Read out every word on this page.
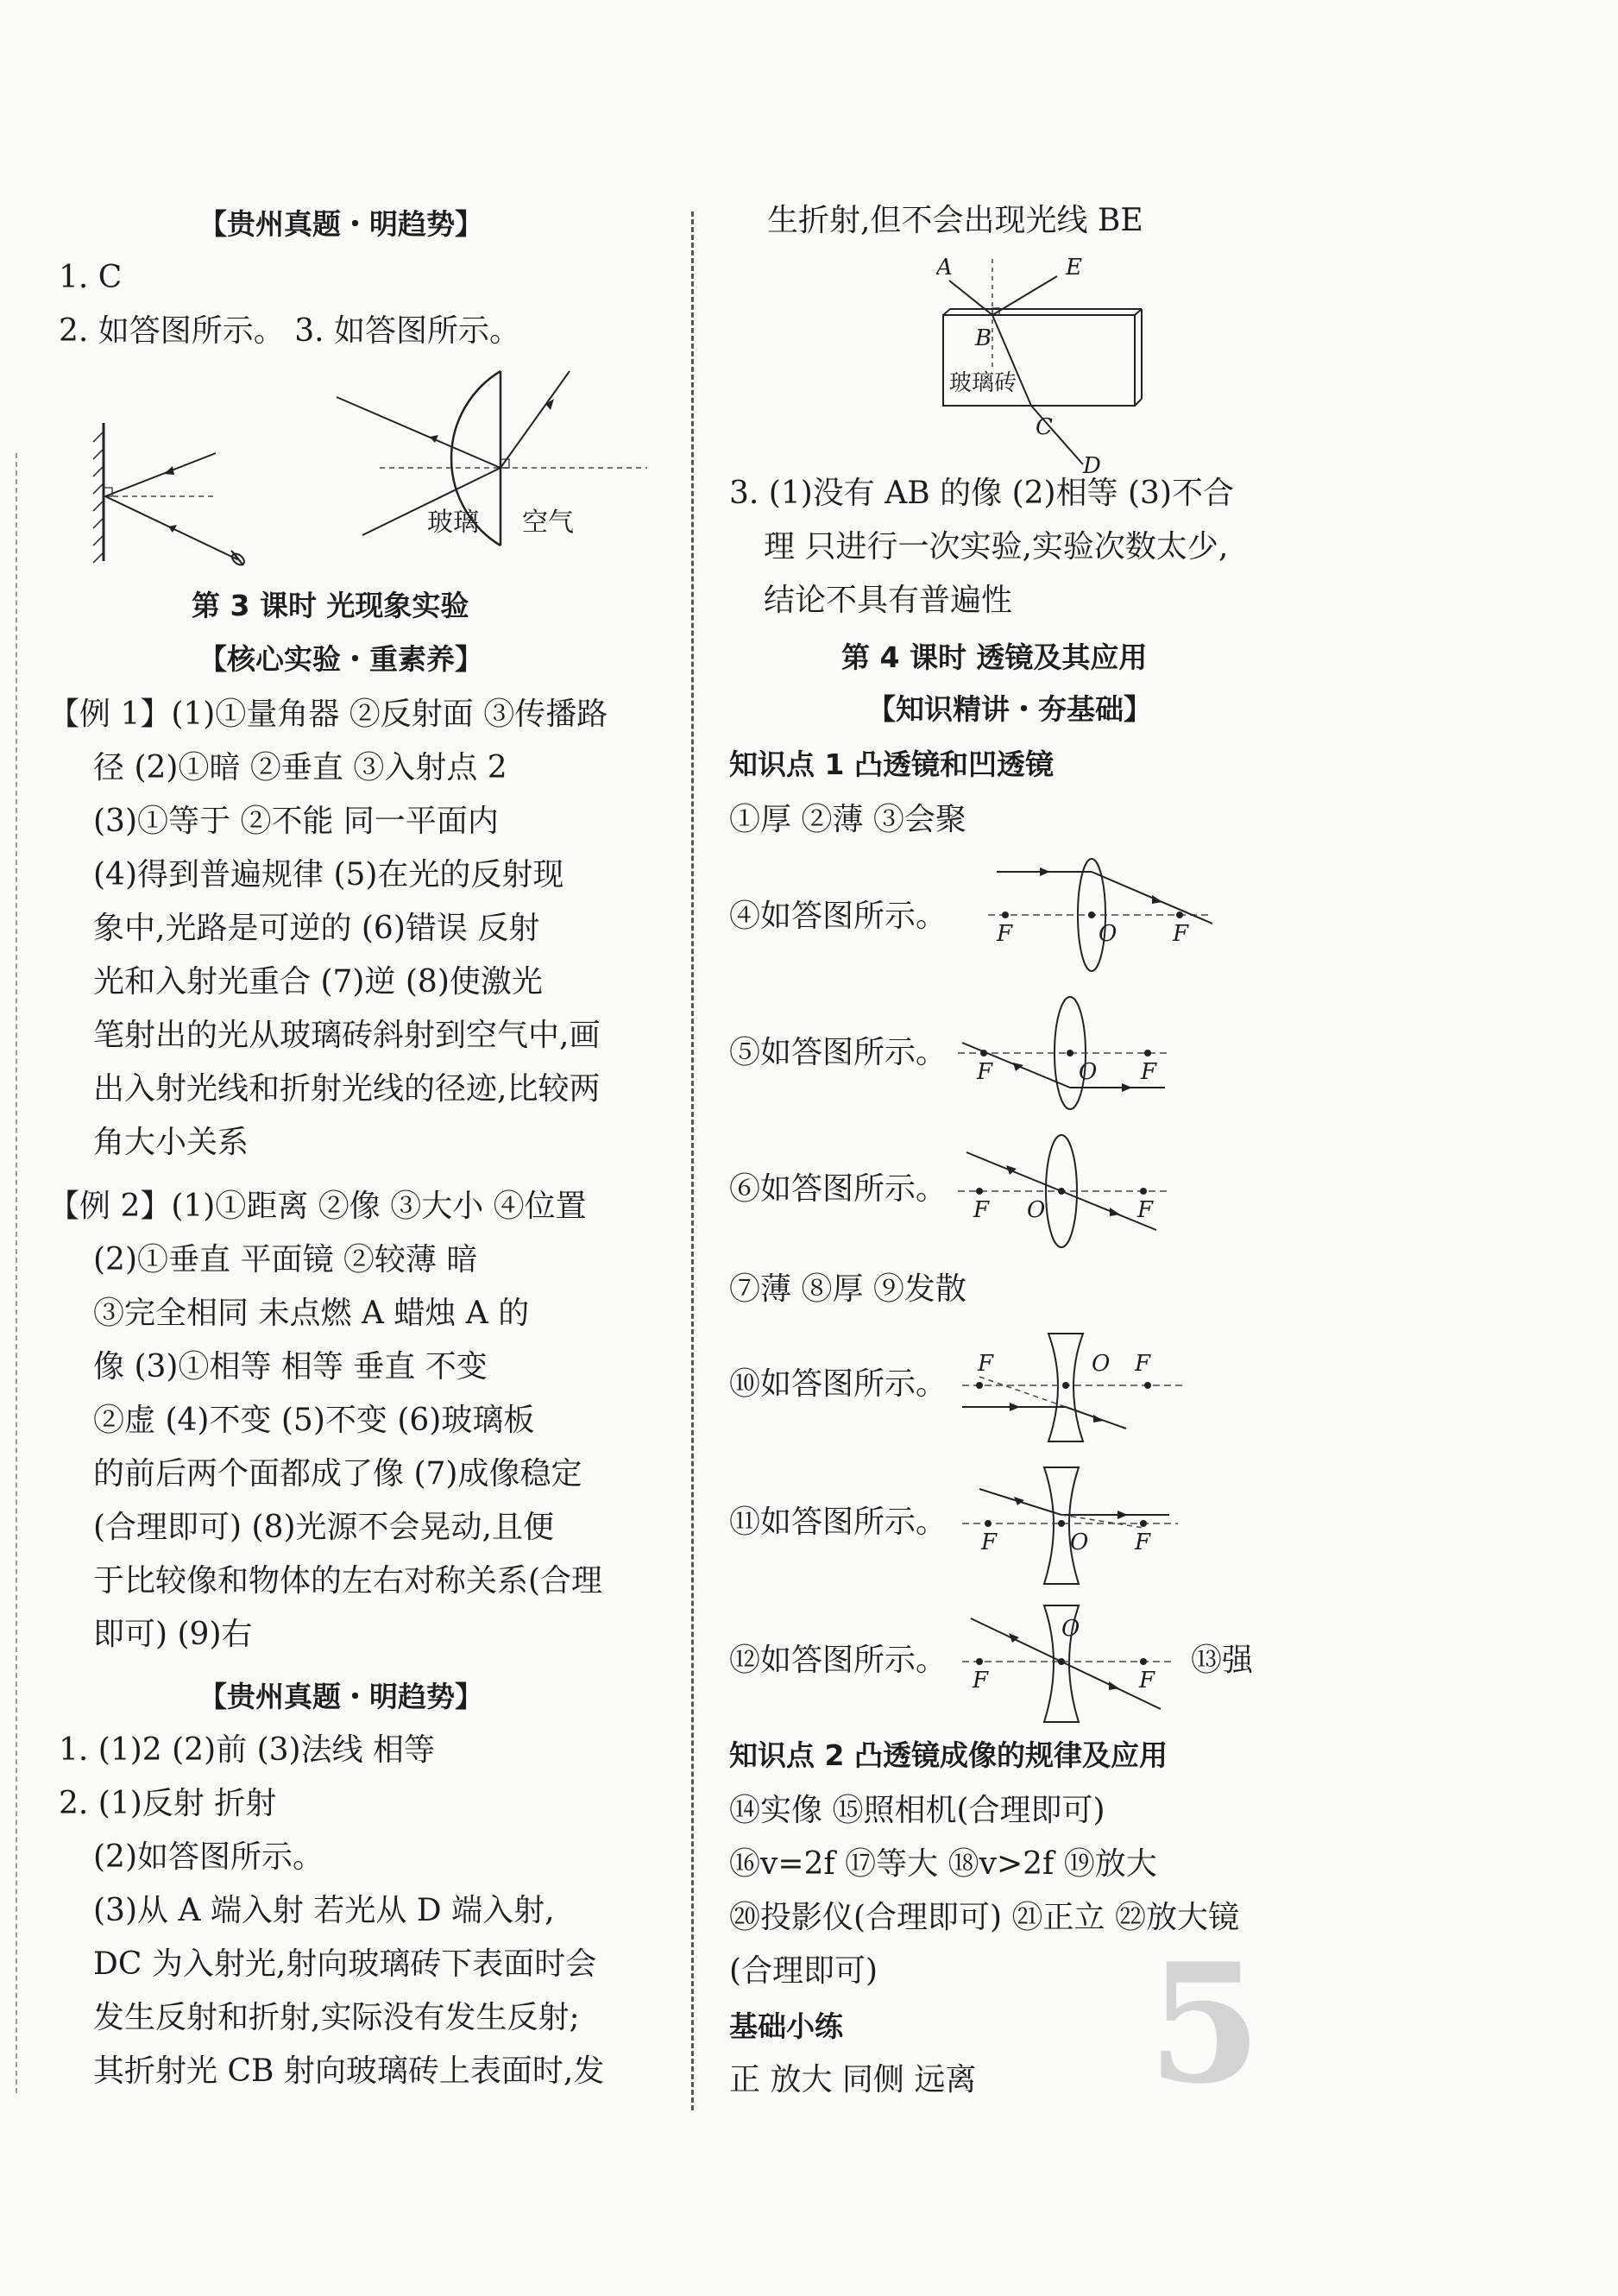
【贵州真题・明趋势】
1. C
2. 如答图所示。 3. 如答图所示。
玻璃 空气
第 3 课时 光现象实验
【核心实验・重素养】
【例 1】(1)①量角器 ②反射面 ③传播路
径 (2)①暗 ②垂直 ③入射点 2
(3)①等于 ②不能 同一平面内
(4)得到普遍规律 (5)在光的反射现
象中,光路是可逆的 (6)错误 反射
光和入射光重合 (7)逆 (8)使激光
笔射出的光从玻璃砖斜射到空气中,画
出入射光线和折射光线的径迹,比较两
角大小关系
【例 2】(1)①距离 ②像 ③大小 ④位置
(2)①垂直 平面镜 ②较薄 暗
③完全相同 未点燃 A 蜡烛 A 的
像 (3)①相等 相等 垂直 不变
②虚 (4)不变 (5)不变 (6)玻璃板
的前后两个面都成了像 (7)成像稳定
(合理即可) (8)光源不会晃动,且便
于比较像和物体的左右对称关系(合理
即可) (9)右
【贵州真题・明趋势】
1. (1)2 (2)前 (3)法线 相等
2. (1)反射 折射
(2)如答图所示。
(3)从 A 端入射 若光从 D 端入射,
DC 为入射光,射向玻璃砖下表面时会
发生反射和折射,实际没有发生反射;
其折射光 CB 射向玻璃砖上表面时,发
生折射,但不会出现光线 BE
A	E
B
玻璃砖
C
D
3. (1)没有 AB 的像 (2)相等 (3)不合
理 只进行一次实验,实验次数太少,
结论不具有普遍性
第 4 课时 透镜及其应用
【知识精讲・夯基础】
知识点 1 凸透镜和凹透镜
①厚 ②薄 ③会聚
④如答图所示。 F	O F
⑤如答图所示。
F	O F
⑥如答图所示。
F O	F
⑦薄 ⑧厚 ⑨发散
⑩如答图所示。
F	O F
⑪如答图所示。
F	O F
⑫如答图所示。
F
O
F
⑬强
知识点 2 凸透镜成像的规律及应用
⑭实像 ⑮照相机(合理即可)
⑯v=2f ⑰等大 ⑱v>2f ⑲放大
⑳投影仪(合理即可) ㉑正立 ㉒放大镜
(合理即可)
基础小练
正 放大 同侧 远离 5
